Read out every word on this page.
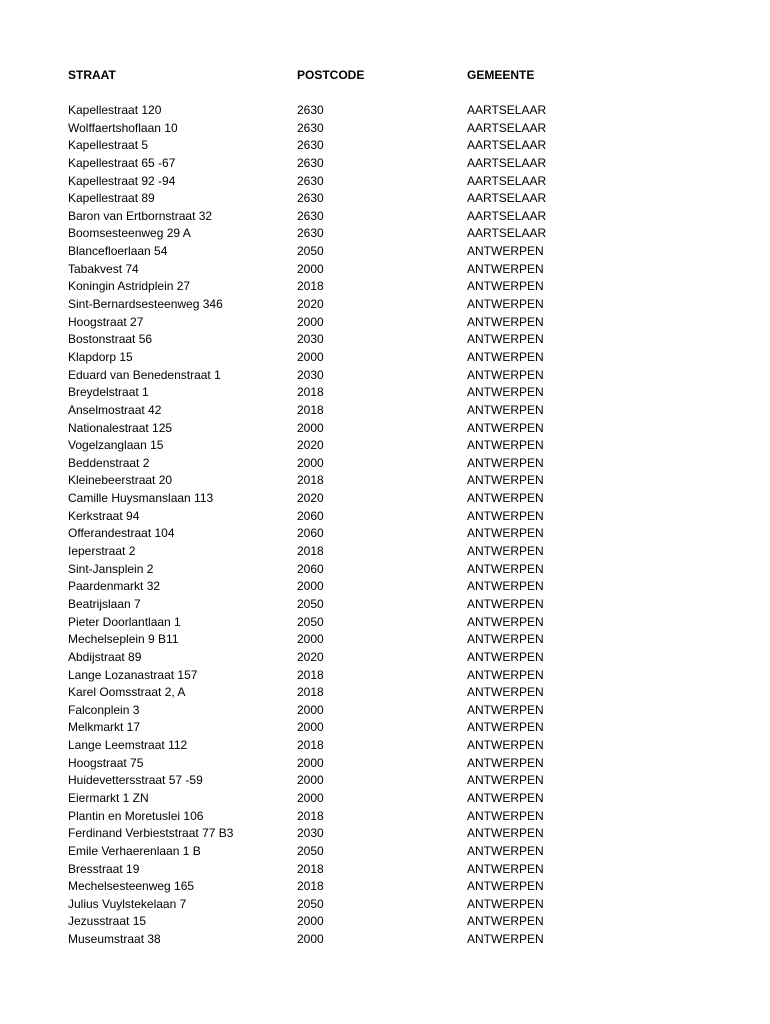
STRAAT	POSTCODE	GEMEENTE
Kapellestraat 120	2630	AARTSELAAR
Wolffaertshoflaan 10	2630	AARTSELAAR
Kapellestraat 5	2630	AARTSELAAR
Kapellestraat 65 -67	2630	AARTSELAAR
Kapellestraat 92 -94	2630	AARTSELAAR
Kapellestraat 89	2630	AARTSELAAR
Baron van Ertbornstraat 32	2630	AARTSELAAR
Boomsesteenweg 29 A	2630	AARTSELAAR
Blancefloerlaan 54	2050	ANTWERPEN
Tabakvest 74	2000	ANTWERPEN
Koningin Astridplein 27	2018	ANTWERPEN
Sint-Bernardsesteenweg 346	2020	ANTWERPEN
Hoogstraat 27	2000	ANTWERPEN
Bostonstraat 56	2030	ANTWERPEN
Klapdorp 15	2000	ANTWERPEN
Eduard van Benedenstraat 1	2030	ANTWERPEN
Breydelstraat 1	2018	ANTWERPEN
Anselmostraat 42	2018	ANTWERPEN
Nationalestraat 125	2000	ANTWERPEN
Vogelzanglaan 15	2020	ANTWERPEN
Beddenstraat 2	2000	ANTWERPEN
Kleinebeerstraat 20	2018	ANTWERPEN
Camille Huysmanslaan 113	2020	ANTWERPEN
Kerkstraat 94	2060	ANTWERPEN
Offerandestraat 104	2060	ANTWERPEN
Ieperstraat 2	2018	ANTWERPEN
Sint-Jansplein 2	2060	ANTWERPEN
Paardenmarkt 32	2000	ANTWERPEN
Beatrijslaan 7	2050	ANTWERPEN
Pieter Doorlantlaan 1	2050	ANTWERPEN
Mechelseplein 9 B11	2000	ANTWERPEN
Abdijstraat 89	2020	ANTWERPEN
Lange Lozanastraat 157	2018	ANTWERPEN
Karel Oomsstraat 2, A	2018	ANTWERPEN
Falconplein 3	2000	ANTWERPEN
Melkmarkt 17	2000	ANTWERPEN
Lange Leemstraat 112	2018	ANTWERPEN
Hoogstraat 75	2000	ANTWERPEN
Huidevettersstraat 57 -59	2000	ANTWERPEN
Eiermarkt 1 ZN	2000	ANTWERPEN
Plantin en Moretuslei 106	2018	ANTWERPEN
Ferdinand Verbieststraat 77 B3	2030	ANTWERPEN
Emile Verhaerenlaan 1 B	2050	ANTWERPEN
Bresstraat 19	2018	ANTWERPEN
Mechelsesteenweg 165	2018	ANTWERPEN
Julius Vuylstekelaan 7	2050	ANTWERPEN
Jezusstraat 15	2000	ANTWERPEN
Museumstraat 38	2000	ANTWERPEN
